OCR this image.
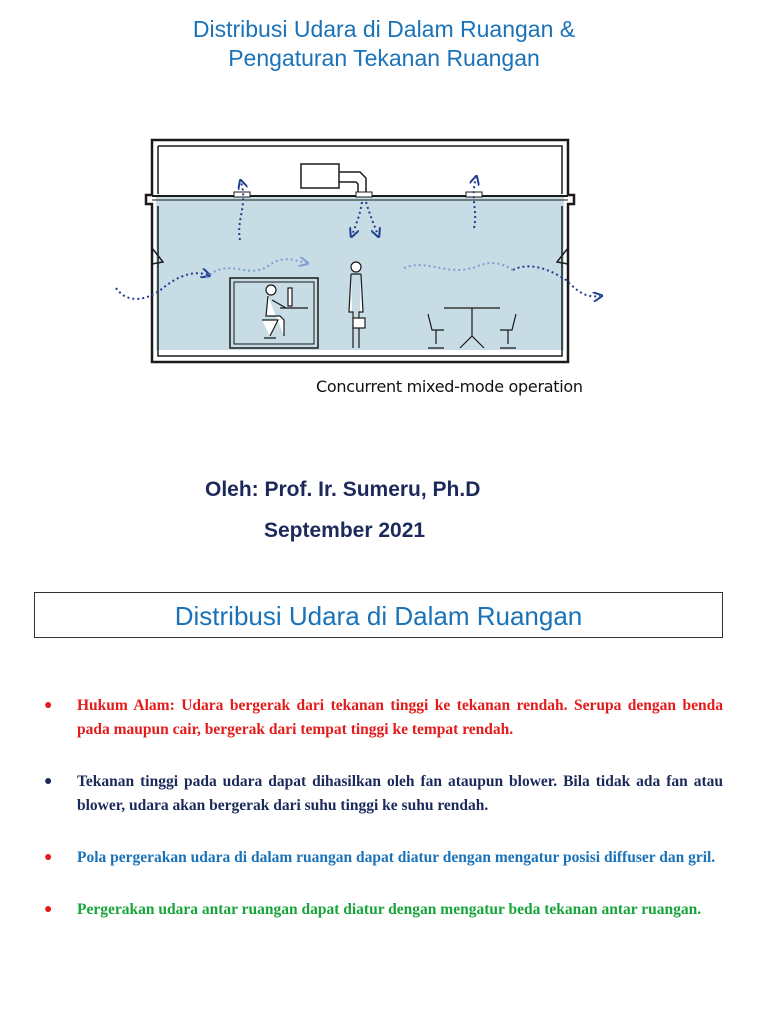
Distribusi Udara di Dalam Ruangan &
Pengaturan Tekanan Ruangan
Concurrent mixed-mode operation
Oleh: Prof. Ir. Sumeru, Ph.D
September 2021
Distribusi Udara di Dalam Ruangan
● Hukum Alam: Udara bergerak dari tekanan tinggi ke tekanan rendah. Serupa dengan benda pada maupun cair, bergerak dari tempat tinggi ke tempat rendah.
● Tekanan tinggi pada udara dapat dihasilkan oleh fan ataupun blower. Bila tidak ada fan atau blower, udara akan bergerak dari suhu tinggi ke suhu rendah.
● Pola pergerakan udara di dalam ruangan dapat diatur dengan mengatur posisi diffuser dan gril.
● Pergerakan udara antar ruangan dapat diatur dengan mengatur beda tekanan antar ruangan.
